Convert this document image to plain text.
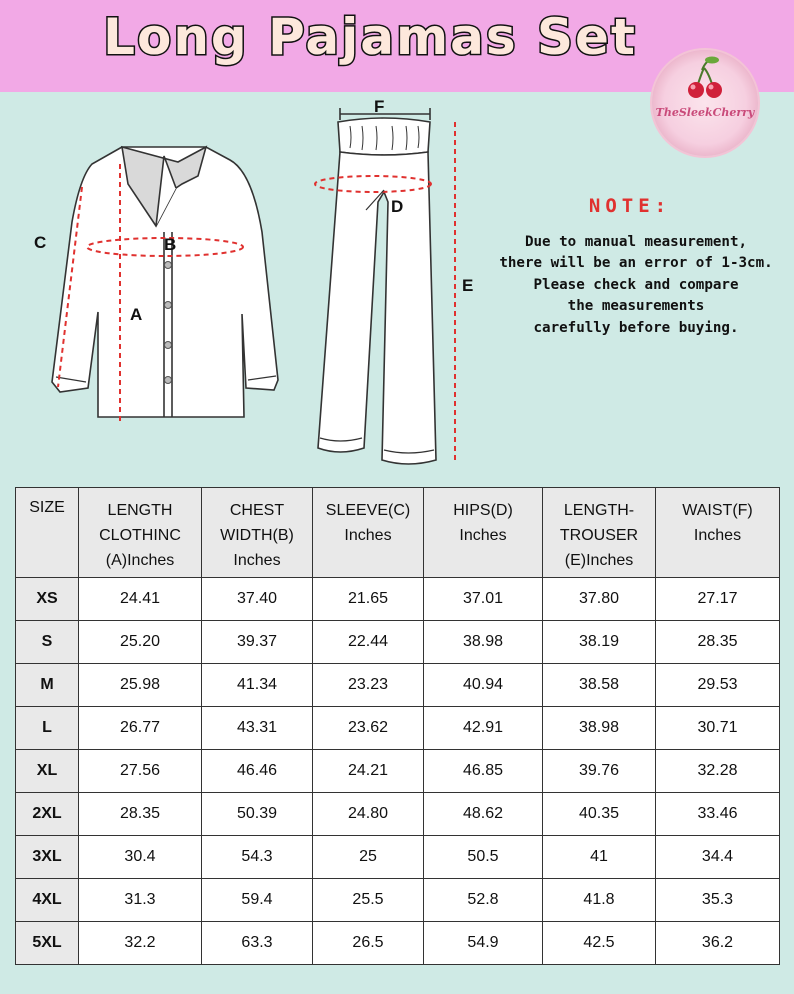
Long Pajamas Set
TheSleekCherry
C	B
A
F
D
E
NOTE:
Due to manual measurement,
there will be an error of 1-3cm.
Please check and compare
the measurements
carefully before buying.
SIZE	LENGTH
CLOTHINC
(A)Inches	CHEST
WIDTH(B)
Inches	SLEEVE(C)
Inches	HIPS(D)
Inches	LENGTH-
TROUSER
(E)Inches	WAIST(F)
Inches

XS	24.41	37.40	21.65	37.01	37.80	27.17
S	25.20	39.37	22.44	38.98	38.19	28.35
M	25.98	41.34	23.23	40.94	38.58	29.53
L	26.77	43.31	23.62	42.91	38.98	30.71
XL	27.56	46.46	24.21	46.85	39.76	32.28
2XL	28.35	50.39	24.80	48.62	40.35	33.46
3XL	30.4	54.3	25	50.5	41	34.4
4XL	31.3	59.4	25.5	52.8	41.8	35.3
5XL	32.2	63.3	26.5	54.9	42.5	36.2
